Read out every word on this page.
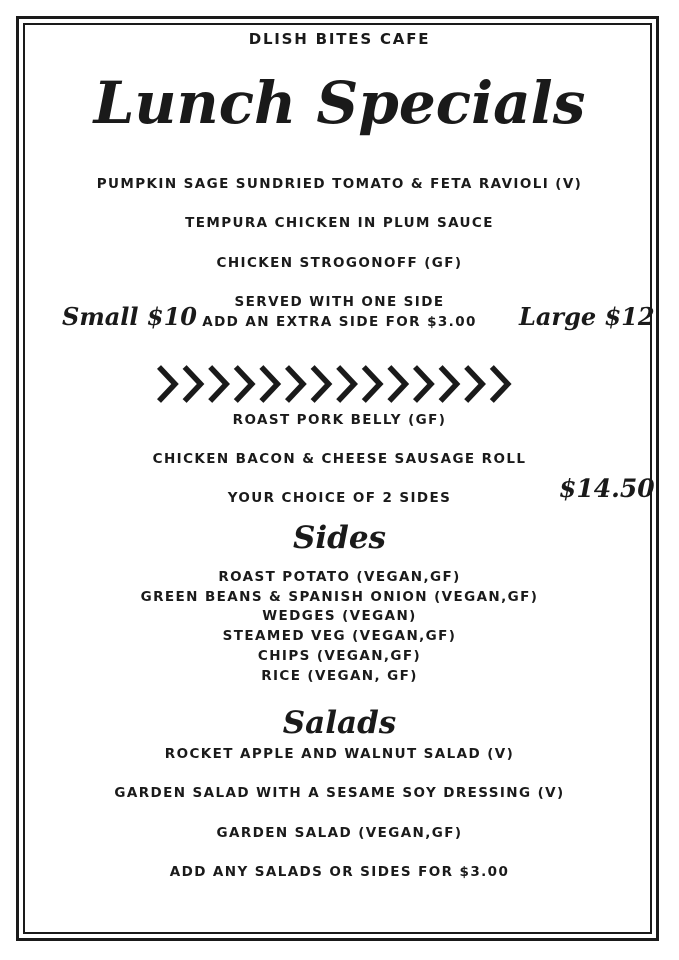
DLISH BITES CAFE
Lunch Specials
PUMPKIN SAGE SUNDRIED TOMATO & FETA RAVIOLI (V)
TEMPURA CHICKEN IN PLUM SAUCE
CHICKEN STROGONOFF (GF)
SERVED WITH ONE SIDE
ADD AN EXTRA SIDE FOR $3.00
Small $10	Large $12
ROAST PORK BELLY (GF)
CHICKEN BACON & CHEESE SAUSAGE ROLL
YOUR CHOICE OF 2 SIDES	$14.50
Sides
ROAST POTATO (VEGAN,GF)
GREEN BEANS & SPANISH ONION (VEGAN,GF)
WEDGES (VEGAN)
STEAMED VEG (VEGAN,GF)
CHIPS (VEGAN,GF)
RICE (VEGAN, GF)
Salads
ROCKET APPLE AND WALNUT SALAD (V)
GARDEN SALAD WITH A SESAME SOY DRESSING (V)
GARDEN SALAD (VEGAN,GF)
ADD ANY SALADS OR SIDES FOR $3.00
